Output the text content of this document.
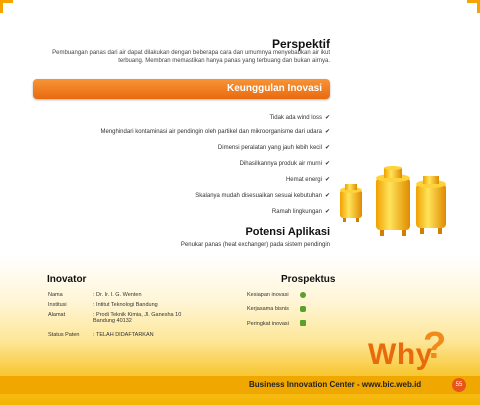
Perspektif
Pembuangan panas dari air dapat dilakukan dengan beberapa cara dan umumnya menyebabkan air ikut terbuang. Membran memastikan hanya panas yang terbuang dan bukan airnya.
Keunggulan Inovasi
Tidak ada wind loss ✔
Menghindari kontaminasi air pendingin oleh partikel dan mikroorganisme dari udara ✔
Dimensi peralatan yang jauh lebih kecil ✔
Dihasilkannya produk air murni ✔
Hemat energi ✔
Skalanya mudah disesuaikan sesuai kebutuhan ✔
Ramah lingkungan ✔
Potensi Aplikasi
Penukar panas (heat exchanger) pada sistem pendingin
Inovator
Nama	: Dr. Ir. I. G. Wenten
Institusi	: Intitut Teknologi Bandung
Alamat	: Prodi Teknik Kimia, Jl. Ganesha 10 Bandung 40132
Status Paten : TELAH DIDAFTARKAN
Prospektus
Kesiapan inovasi
Kerjasama bisnis
Peringkat inovasi
Why
?
Business Innovation Center - www.bic.web.id	55
